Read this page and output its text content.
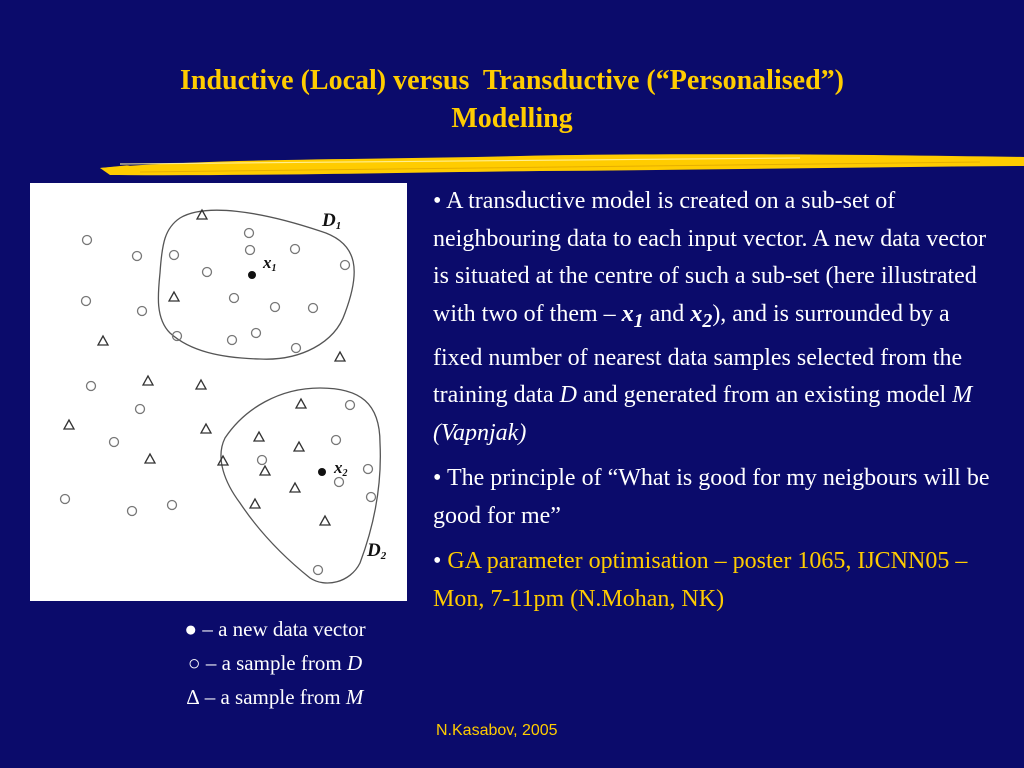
Inductive (Local) versus  Transductive (“Personalised”)
Modelling
x1
x2
D1
D2
● – a new data vector
○ – a sample from D
∆ – a sample from M

• A transductive model is created on a sub-set of neighbouring data to each input vector. A new data vector is situated at the centre of such a sub-set (here illustrated with two of them – $x_1$ and $x_2$), and is surrounded by a fixed number of nearest data samples selected from the training data D and generated from an existing model M (Vapnjak)

• The principle of “What is good for my neigbours will be good for me”

• GA parameter optimisation – poster 1065, IJCNN05 – Mon, 7-11pm (N.Mohan, NK)

N.Kasabov, 2005
